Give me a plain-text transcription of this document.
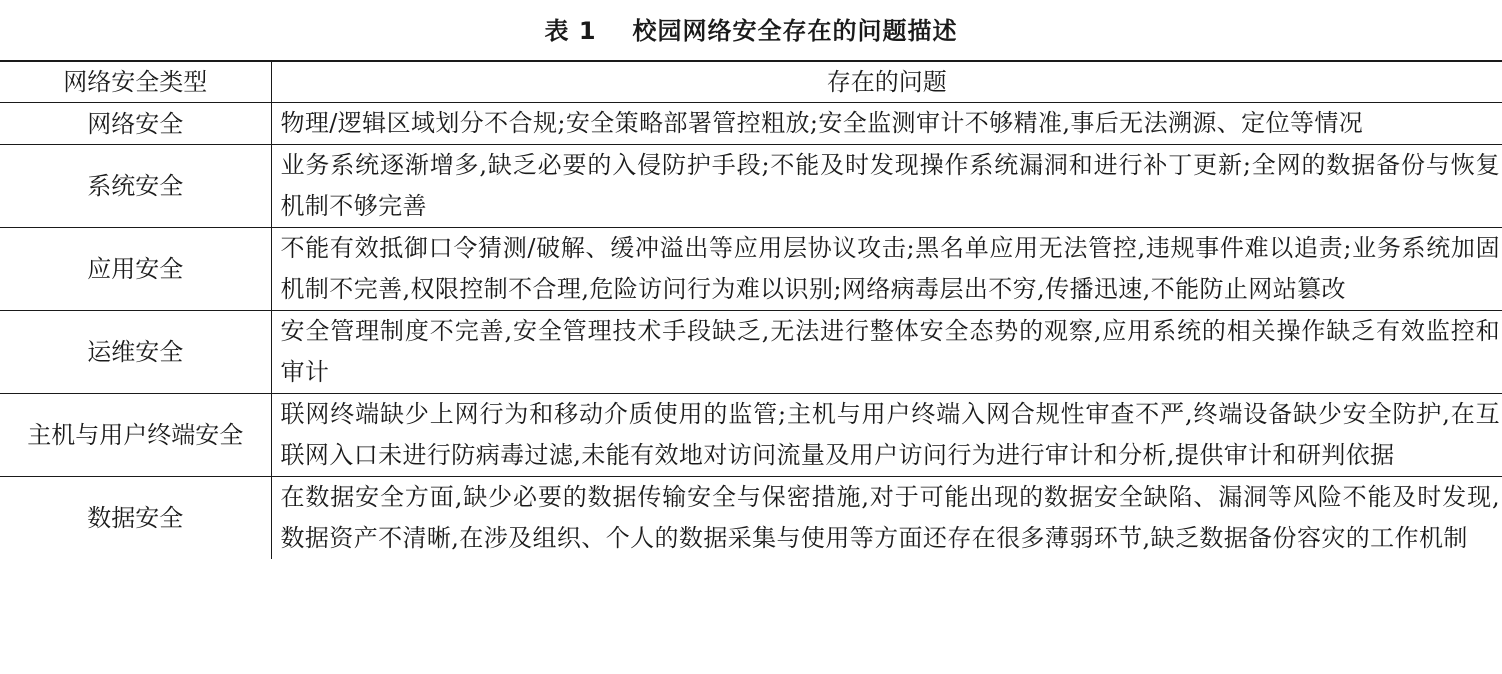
表 1 校园网络安全存在的问题描述
网络安全类型	存在的问题
网络安全	物理/逻辑区域划分不合规;安全策略部署管控粗放;安全监测审计不够精准,事后无法溯源、定位等情况
系统安全	业务系统逐渐增多,缺乏必要的入侵防护手段;不能及时发现操作系统漏洞和进行补丁更新;全网的数据备份与恢复机制不够完善
应用安全	不能有效抵御口令猜测/破解、缓冲溢出等应用层协议攻击;黑名单应用无法管控,违规事件难以追责;业务系统加固机制不完善,权限控制不合理,危险访问行为难以识别;网络病毒层出不穷,传播迅速,不能防止网站篡改
运维安全	安全管理制度不完善,安全管理技术手段缺乏,无法进行整体安全态势的观察,应用系统的相关操作缺乏有效监控和审计
主机与用户终端安全	联网终端缺少上网行为和移动介质使用的监管;主机与用户终端入网合规性审查不严,终端设备缺少安全防护,在互联网入口未进行防病毒过滤,未能有效地对访问流量及用户访问行为进行审计和分析,提供审计和研判依据
数据安全	在数据安全方面,缺少必要的数据传输安全与保密措施,对于可能出现的数据安全缺陷、漏洞等风险不能及时发现,数据资产不清晰,在涉及组织、个人的数据采集与使用等方面还存在很多薄弱环节,缺乏数据备份容灾的工作机制
